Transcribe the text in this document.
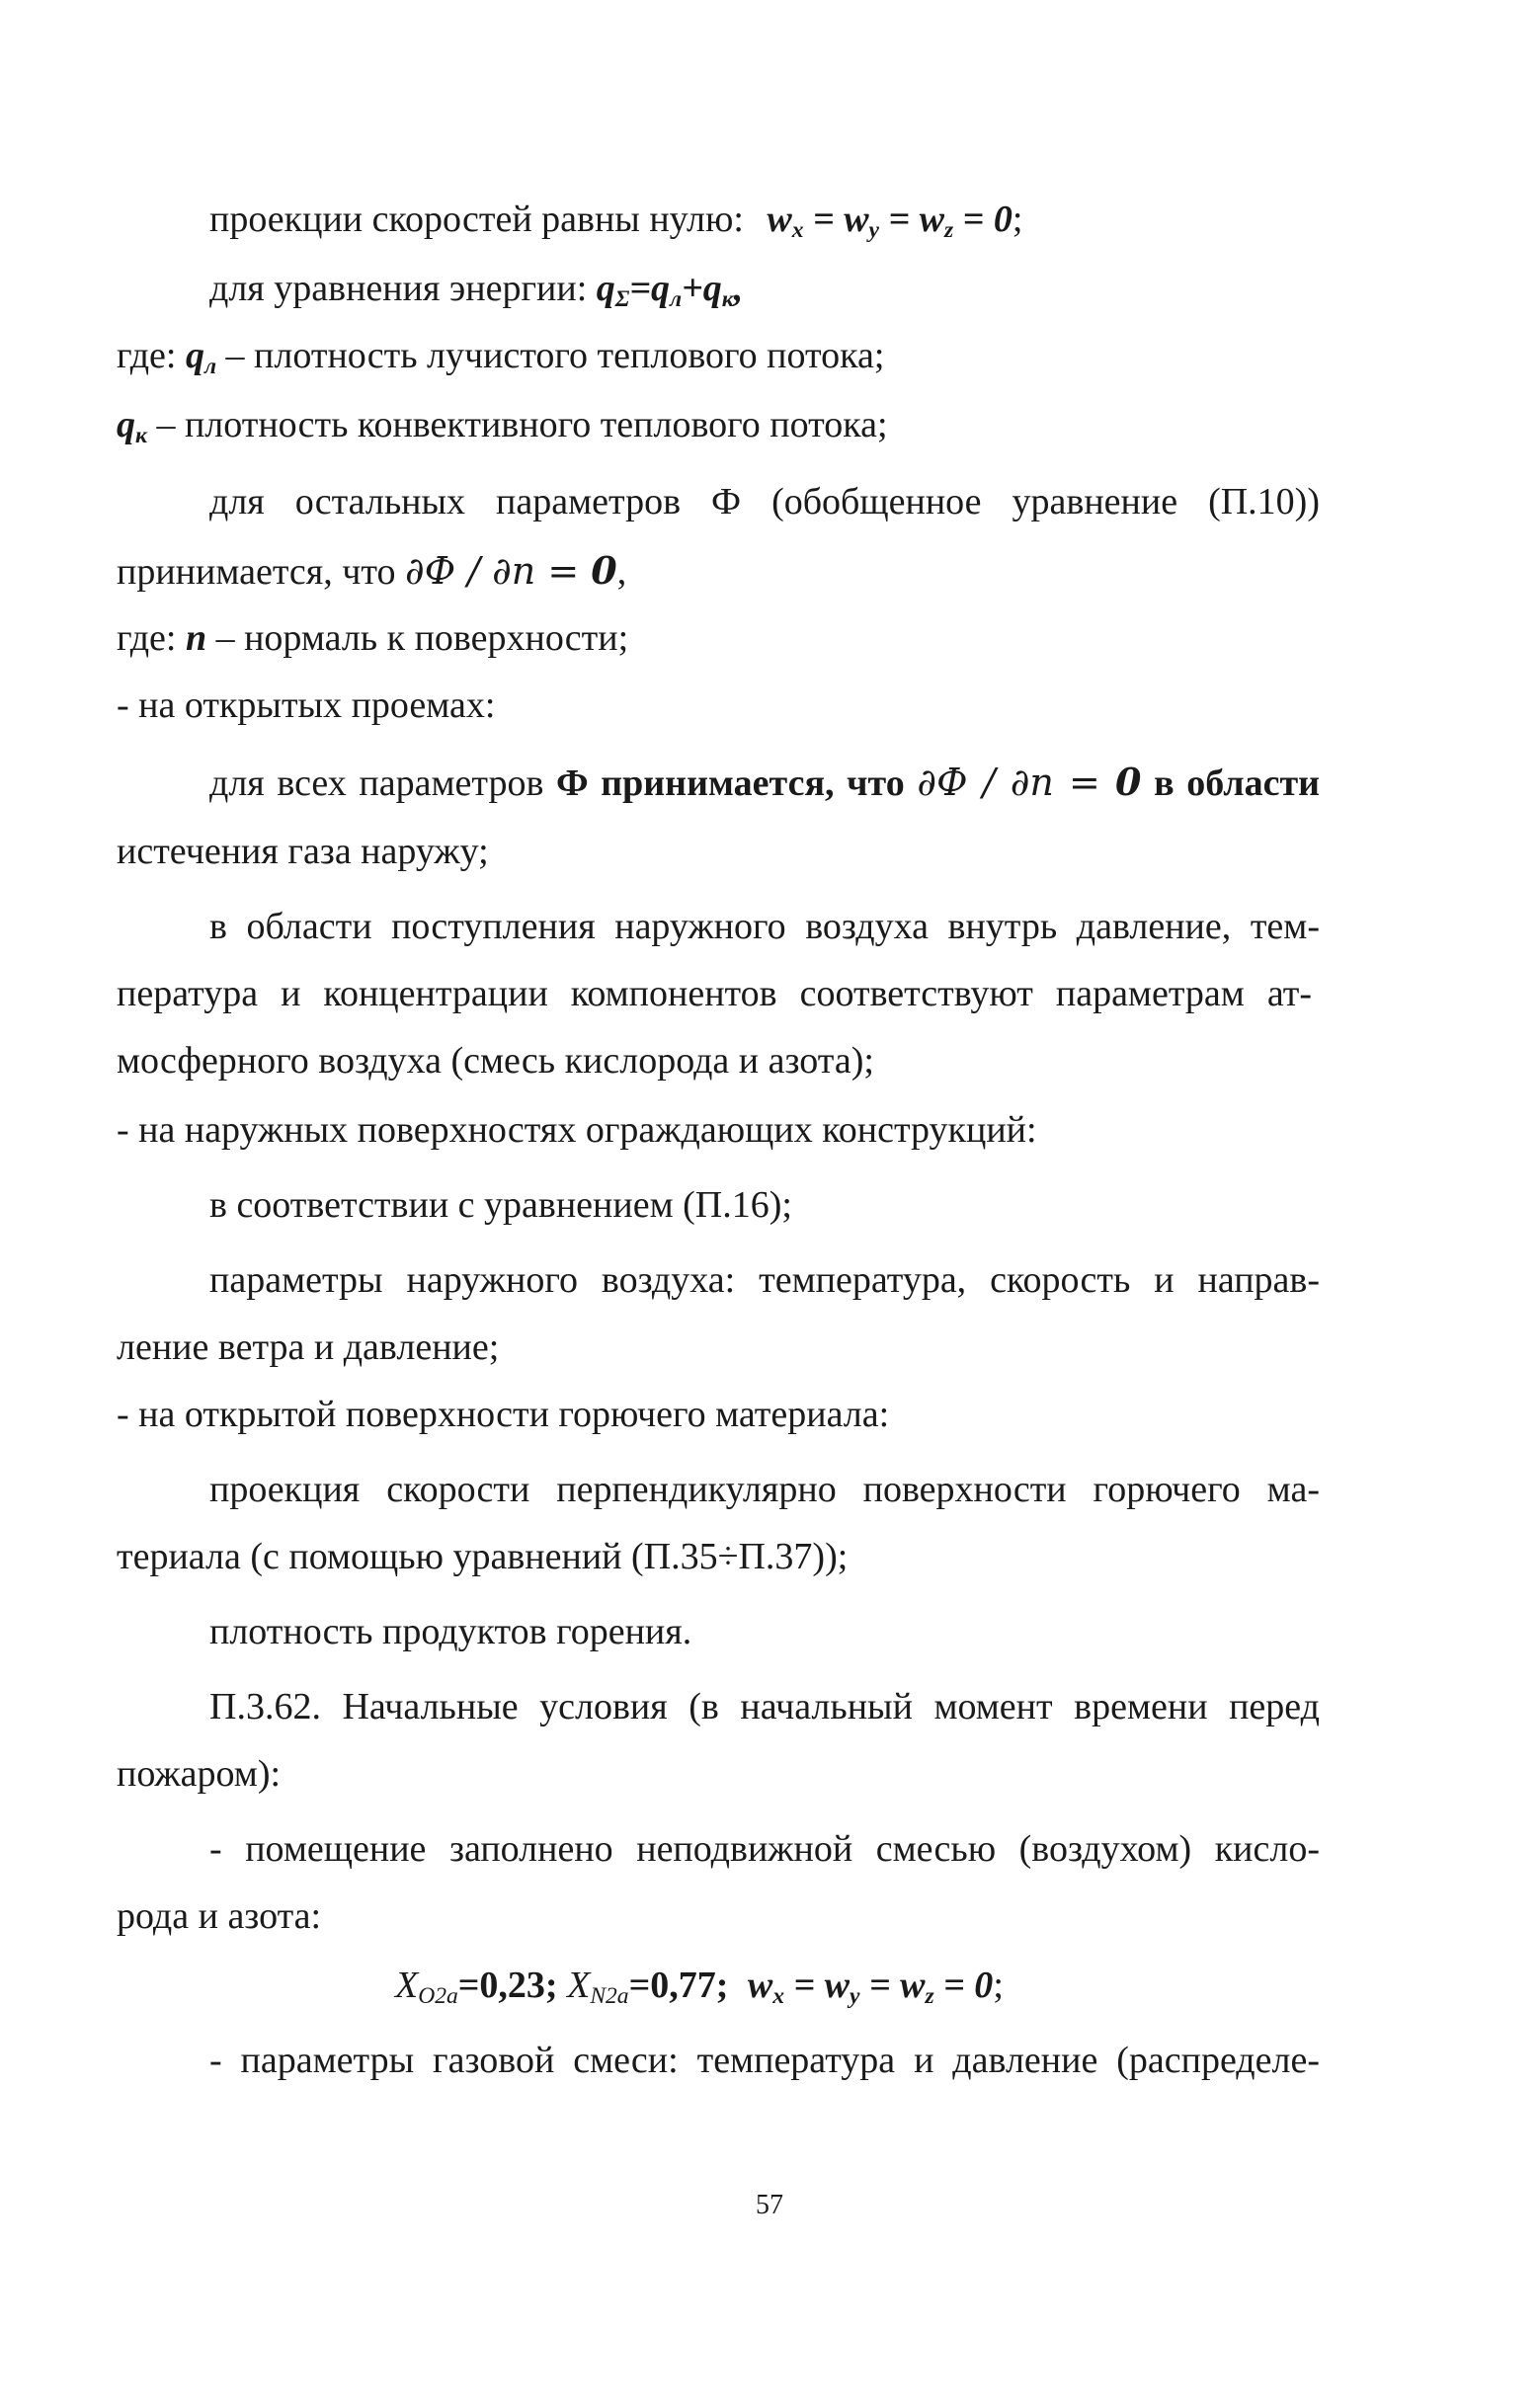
проекции скоростей равны нулю: $w_x = w_y = w_z = 0$;
для уравнения энергии: $q_\Sigma=q_л+q_к$,
где: $q_л$ – плотность лучистого теплового потока;
$q_к$ – плотность конвективного теплового потока;
для остальных параметров Ф (обобщенное уравнение (П.10))
принимается, что ∂Ф / ∂n = 0,
где: n – нормаль к поверхности;
- на открытых проемах:
для всех параметров Ф принимается, что ∂Ф / ∂n = 0 в области
истечения газа наружу;
в области поступления наружного воздуха внутрь давление, тем-
пература и концентрации компонентов соответствуют параметрам ат-
мосферного воздуха (смесь кислорода и азота);
- на наружных поверхностях ограждающих конструкций:
в соответствии с уравнением (П.16);
параметры наружного воздуха: температура, скорость и направ-
ление ветра и давление;
- на открытой поверхности горючего материала:
проекция скорости перпендикулярно поверхности горючего ма-
териала (с помощью уравнений (П.35÷П.37));
плотность продуктов горения.
П.3.62. Начальные условия (в начальный момент времени перед
пожаром):
- помещение заполнено неподвижной смесью (воздухом) кисло-
рода и азота:
$X_{O2a}=0,23$; $X_{N2a}=0,77$; $w_x = w_y = w_z = 0$;
- параметры газовой смеси: температура и давление (распределе-
57
